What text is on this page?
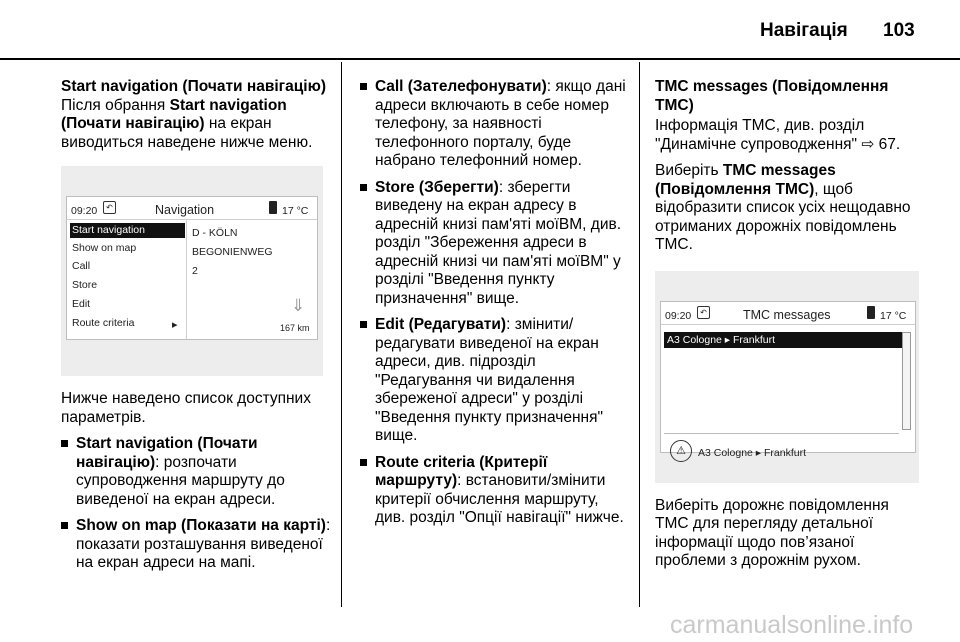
Навігація 103

Start navigation (Почати навігацію)

Після обрання Start navigation (Почати навігацію) на екран виводиться наведене нижче меню.

09:20	↶	Navigation	17 °C
Start navigation
Show on map
Call
Store
Edit
Route criteria	▸
D - KÖLN
BEGONIENWEG
2
⇓
167 km

Нижче наведено список доступних параметрів.

Start navigation (Почати навігацію): розпочати супроводження маршруту до виведеної на екран адреси.
Show on map (Показати на карті): показати розташування виведеної на екран адреси на мапі.
Call (Зателефонувати): якщо дані адреси включають в себе номер телефону, за наявності телефонного порталу, буде набрано телефонний номер.
Store (Зберегти): зберегти виведену на екран адресу в адресній книзі пам'яті моїВМ, див. розділ "Збереження адреси в адресній книзі чи пам'яті моїВМ" у розділі "Введення пункту призначення" вище.
Edit (Редагувати): змінити/редагувати виведеної на екран адреси, див. підрозділ "Редагування чи видалення збереженої адреси" у розділі "Введення пункту призначення" вище.
Route criteria (Критерії маршруту): встановити/змінити критерії обчислення маршруту, див. розділ "Опції навігації" нижче.

TMC messages (Повідомлення TMC)

Інформація TMC, див. розділ "Динамічне супроводження" ⇨ 67.

Виберіть TMC messages (Повідомлення TMC), щоб відобразити список усіх нещодавно отриманих дорожніх повідомлень TMC.

09:20	↶	TMC messages	17 °C
A3 Cologne ▸ Frankfurt
⚠	A3 Cologne ▸ Frankfurt

Виберіть дорожнє повідомлення TMC для перегляду детальної інформації щодо пов’язаної проблеми з дорожнім рухом.

carmanualsonline.info
